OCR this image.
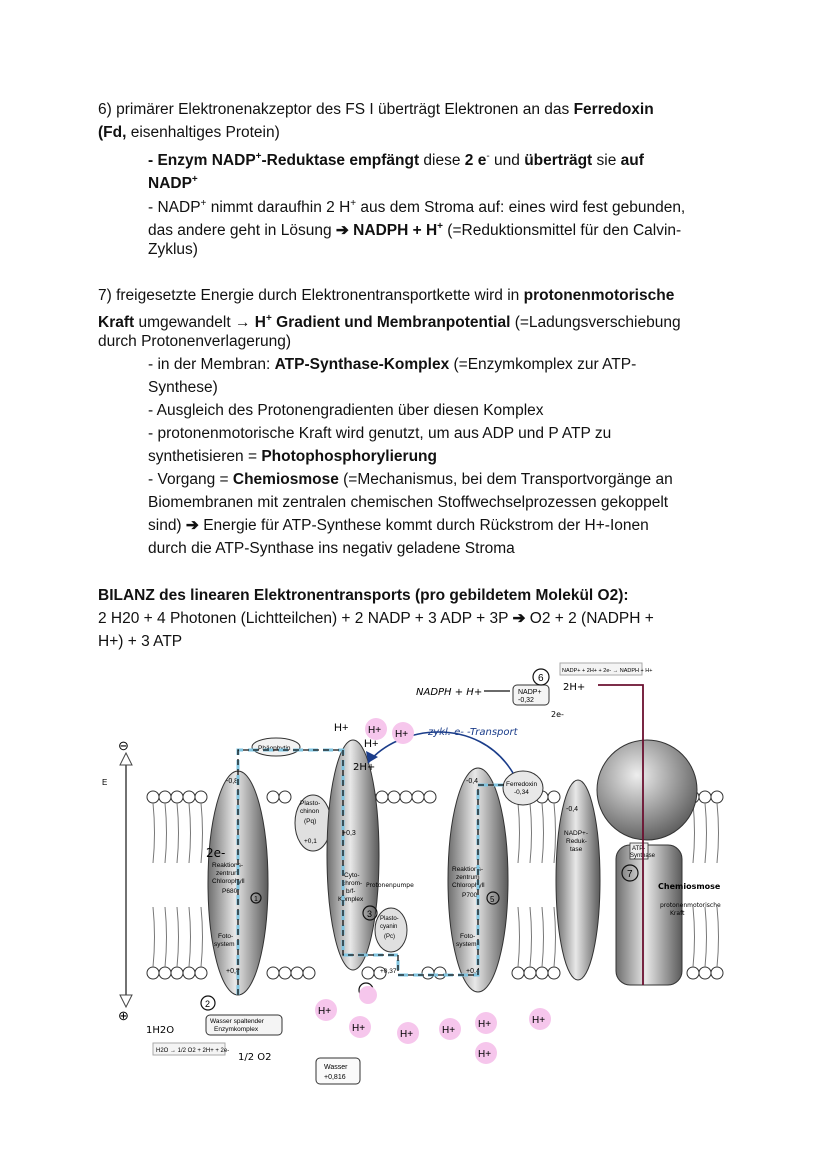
6) primärer Elektronenakzeptor des FS I überträgt Elektronen an das Ferredoxin
(Fd, eisenhaltiges Protein)
- Enzym NADP+-Reduktase empfängt diese 2 e- und überträgt sie auf
NADP+
- NADP+ nimmt daraufhin 2 H+ aus dem Stroma auf: eines wird fest gebunden,
das andere geht in Lösung ➔ NADPH + H+ (=Reduktionsmittel für den Calvin-
Zyklus)
7) freigesetzte Energie durch Elektronentransportkette wird in protonenmotorische
Kraft umgewandelt → H+ Gradient und Membranpotential (=Ladungsverschiebung
durch Protonenverlagerung)
- in der Membran: ATP-Synthase-Komplex (=Enzymkomplex zur ATP-
Synthese)
- Ausgleich des Protonengradienten über diesen Komplex
- protonenmotorische Kraft wird genutzt, um aus ADP und P ATP zu
synthetisieren = Photophosphorylierung
- Vorgang = Chemiosmose (=Mechanismus, bei dem Transportvorgänge an
Biomembranen mit zentralen chemischen Stoffwechselprozessen gekoppelt
sind) ➔ Energie für ATP-Synthese kommt durch Rückstrom der H+-Ionen
durch die ATP-Synthase ins negativ geladene Stroma
BILANZ des linearen Elektronentransports (pro gebildetem Molekül O2):
2 H20 + 4 Photonen (Lichtteilchen) + 2 NADP + 3 ADP + 3P ➔ O2 + 2 (NADPH +
H+) + 3 ATP
⊖
⊕
E	-0,8
Reaktions-
zentrum
Chlorophyll
P680
Foto-
system II
+0,8
Phäophytin
Plasto-
chinon
(Pq)
+0,1
+0,3
Cyto-
chrom-
b/f-
Komplex
Plasto-
cyanin
(Pc)
+0,37
-0,4
Reaktions-
zentrum
Chlorophyll
P700
Foto-
system I
+0,4
Ferredoxin
-0,34
-0,4
NADP+-
Reduk-
tase	ATP-
Synthase
Wasser spaltender
Enzymkomplex
H2O → 1/2 O2 + 2H+ + 2e-
Wasser
+0,816
NADP+
-0,32
NADP+ + 2H+ + 2e- → NADPH + H+
NADPH + H+	2H+
2e-
zykl. e- -Transport
2e-
2H+
1H2O
1/2 O2
Chemiosmose
protonenmotorische
Kraft
Protonenpumpe
2
3
5
6
7
1
H+ H+
H+
H+
H+
H+
H+	H+
H+
H+
H+
